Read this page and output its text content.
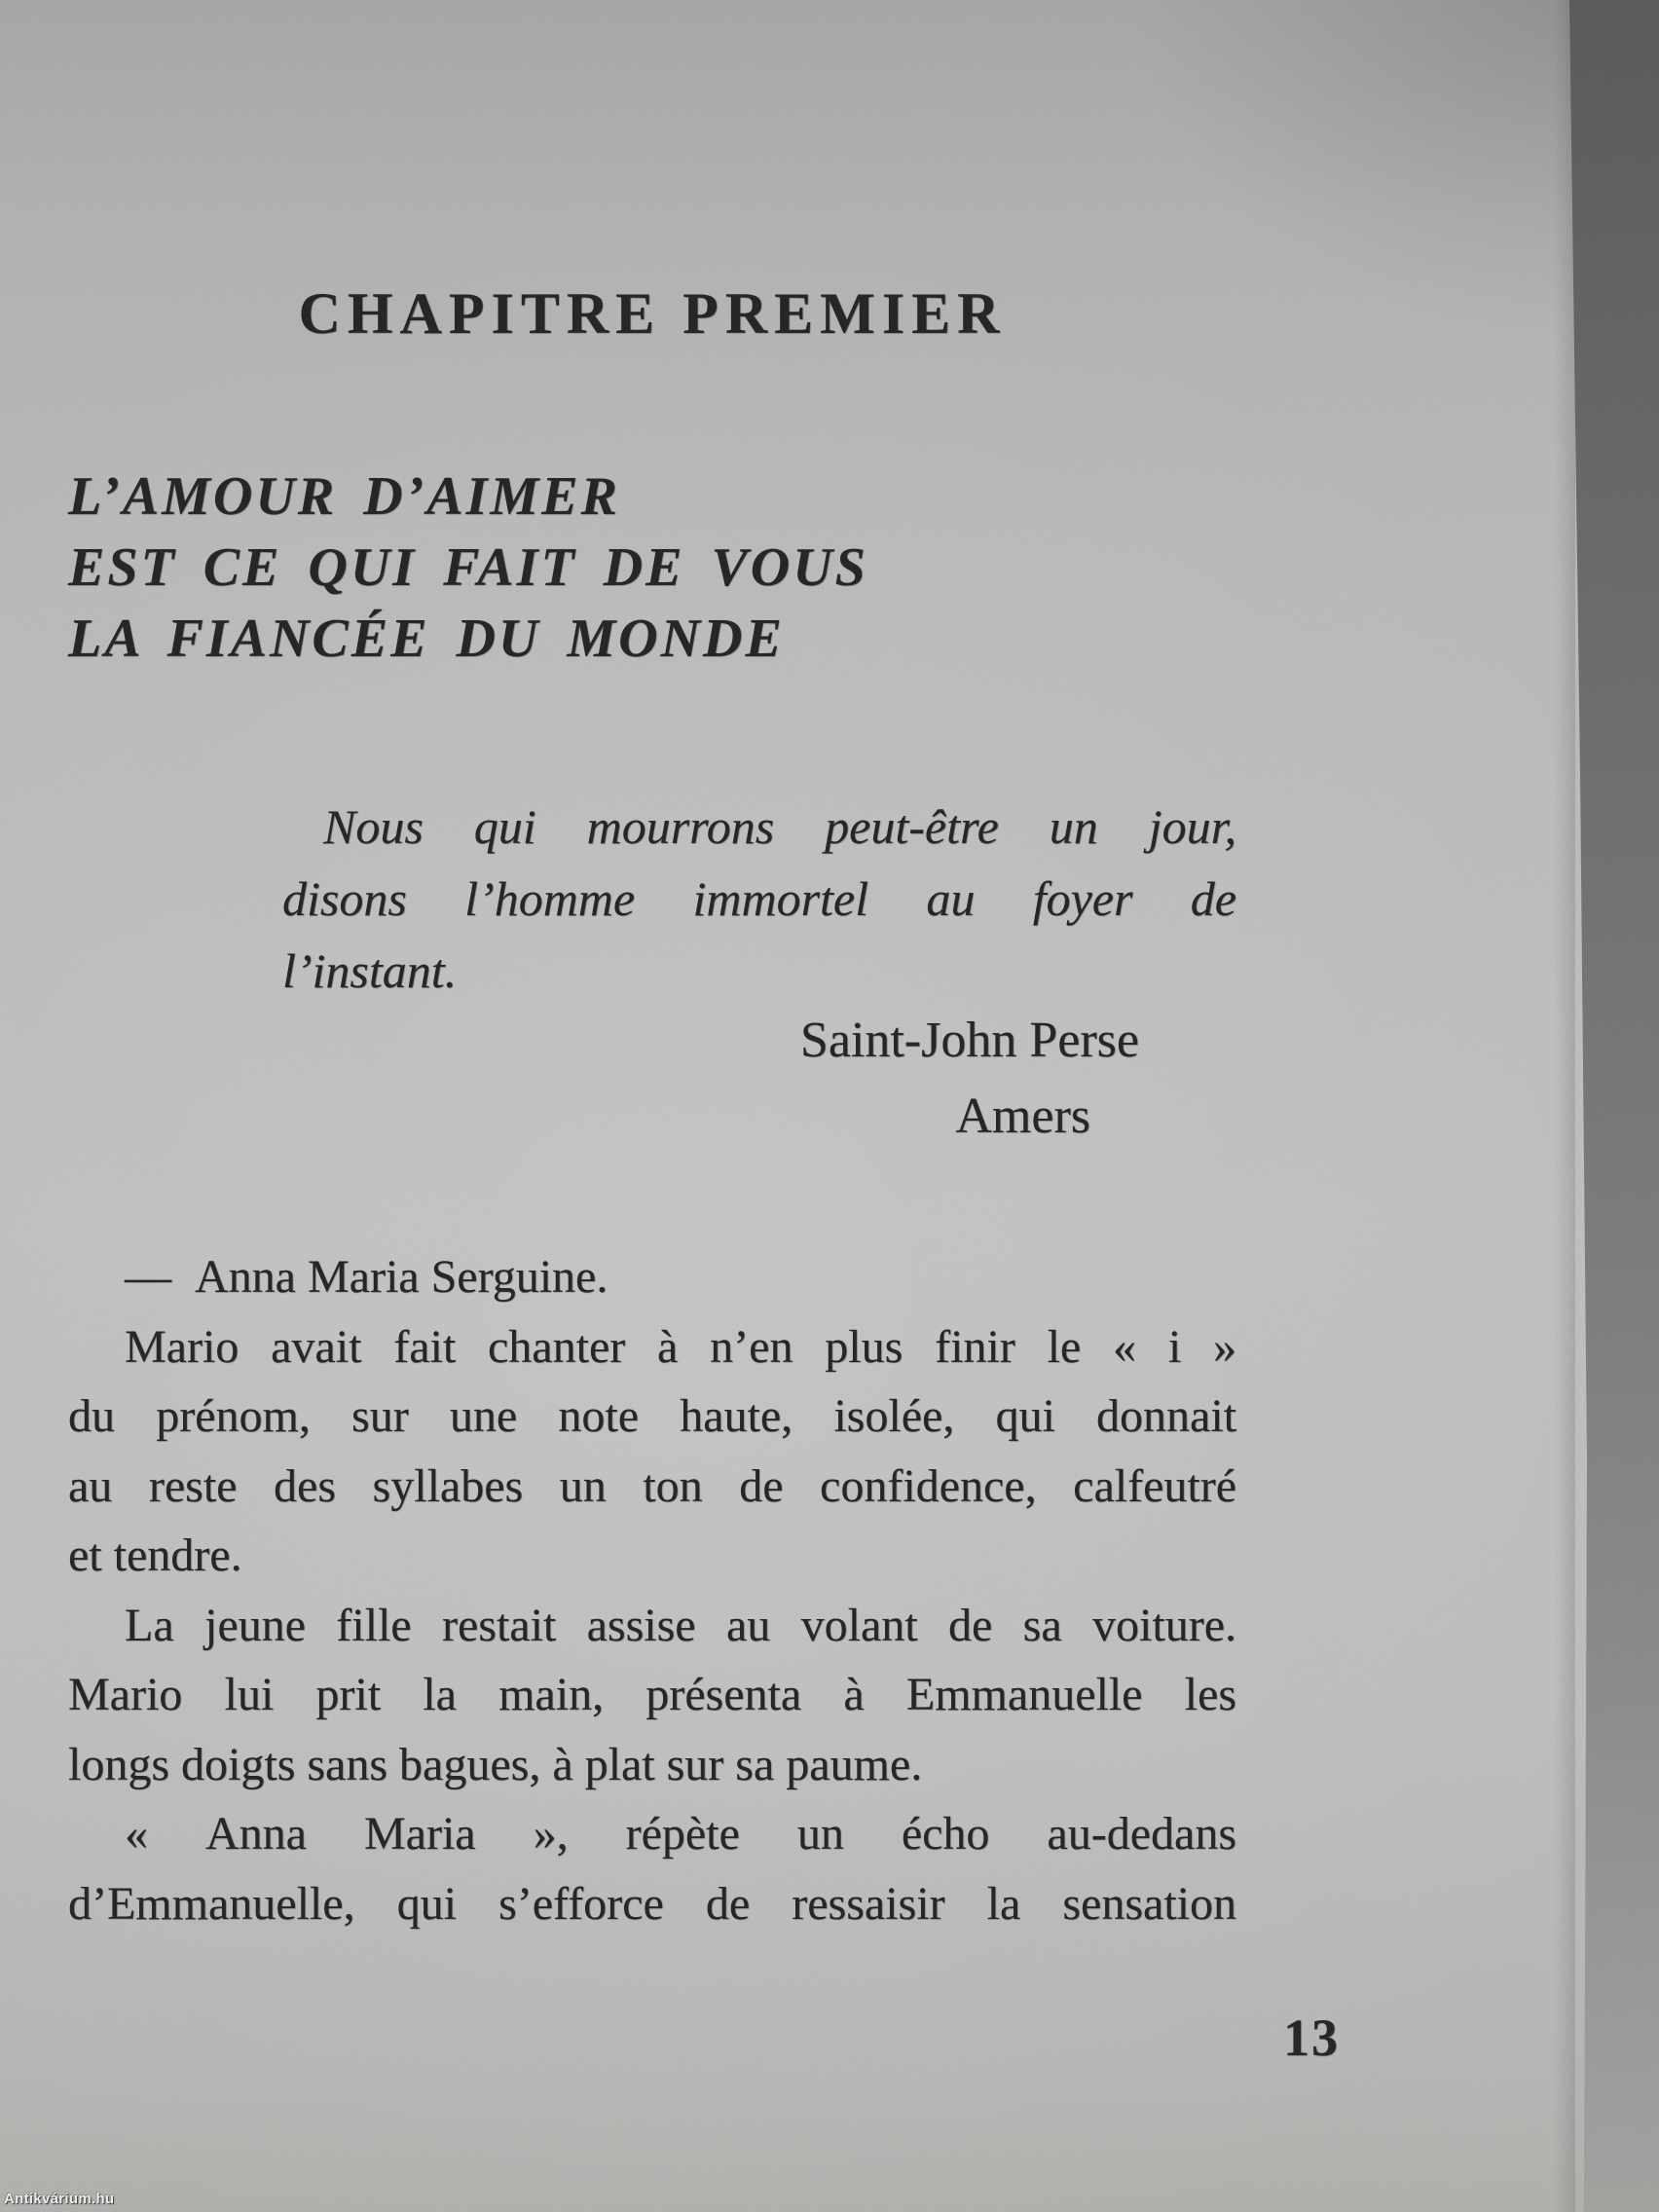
CHAPITRE PREMIER
L’AMOUR D’AIMER
EST CE QUI FAIT DE VOUS
LA FIANCÉE DU MONDE
Nous qui mourrons peut-être un jour,
disons l’homme immortel au foyer de
l’instant.
Saint-John Perse
Amers
— Anna Maria Serguine.
Mario avait fait chanter à n’en plus finir le « i »
du prénom, sur une note haute, isolée, qui donnait
au reste des syllabes un ton de confidence, calfeutré
et tendre.
La jeune fille restait assise au volant de sa voiture.
Mario lui prit la main, présenta à Emmanuelle les
longs doigts sans bagues, à plat sur sa paume.
« Anna Maria », répète un écho au-dedans
d’Emmanuelle, qui s’efforce de ressaisir la sensation
13
Antikvárium.hu
